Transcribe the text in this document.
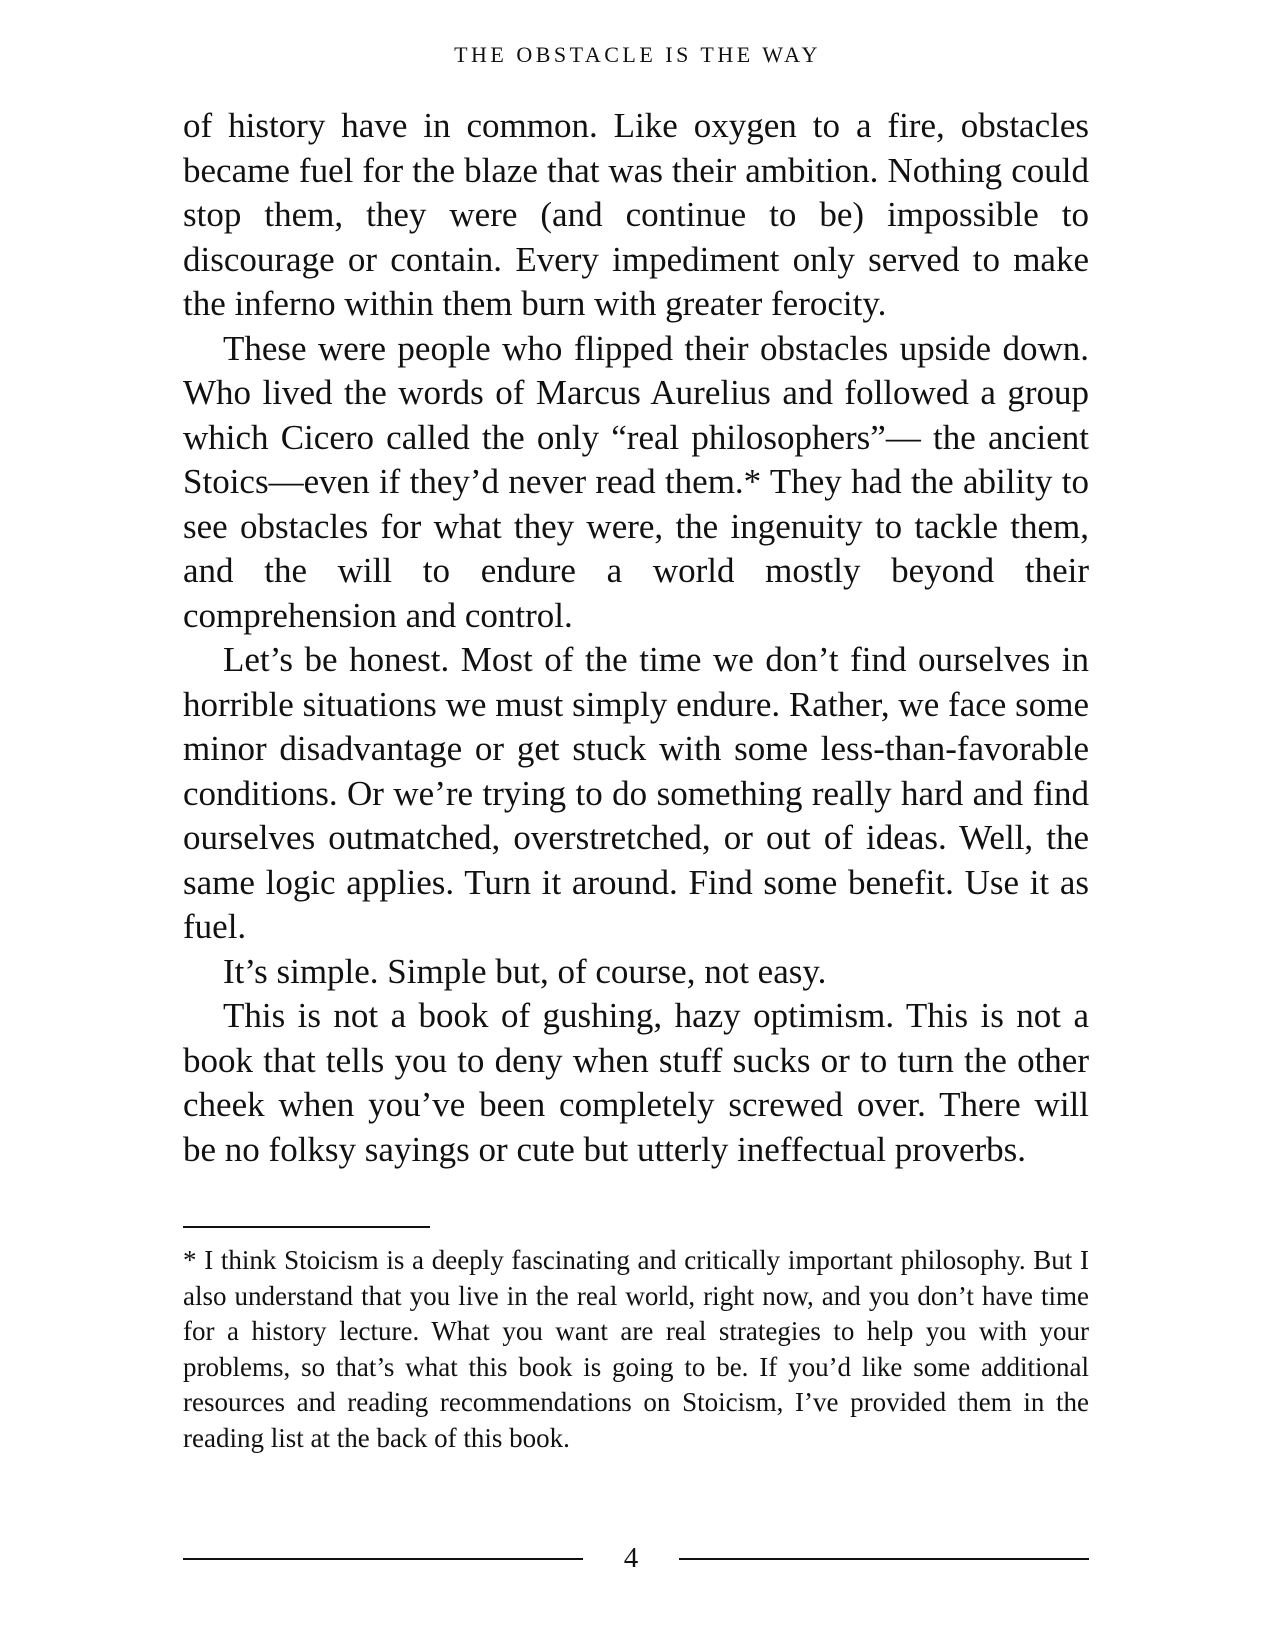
THE OBSTACLE IS THE WAY

of history have in common. Like oxygen to a fire, obstacles became fuel for the blaze that was their ambition. Nothing could stop them, they were (and continue to be) impossible to discourage or contain. Every impediment only served to make the inferno within them burn with greater ferocity.

These were people who flipped their obstacles upside down. Who lived the words of Marcus Aurelius and followed a group which Cicero called the only “real philosophers”— the ancient Stoics—even if they’d never read them.* They had the ability to see obstacles for what they were, the ingenuity to tackle them, and the will to endure a world mostly beyond their comprehension and control.

Let’s be honest. Most of the time we don’t find ourselves in horrible situations we must simply endure. Rather, we face some minor disadvantage or get stuck with some less-than-favorable conditions. Or we’re trying to do something really hard and find ourselves outmatched, overstretched, or out of ideas. Well, the same logic applies. Turn it around. Find some benefit. Use it as fuel.

It’s simple. Simple but, of course, not easy.

This is not a book of gushing, hazy optimism. This is not a book that tells you to deny when stuff sucks or to turn the other cheek when you’ve been completely screwed over. There will be no folksy sayings or cute but utterly ineffectual proverbs.

* I think Stoicism is a deeply fascinating and critically important philosophy. But I also understand that you live in the real world, right now, and you don’t have time for a history lecture. What you want are real strategies to help you with your problems, so that’s what this book is going to be. If you’d like some additional resources and reading recommendations on Stoicism, I’ve provided them in the reading list at the back of this book.

4
